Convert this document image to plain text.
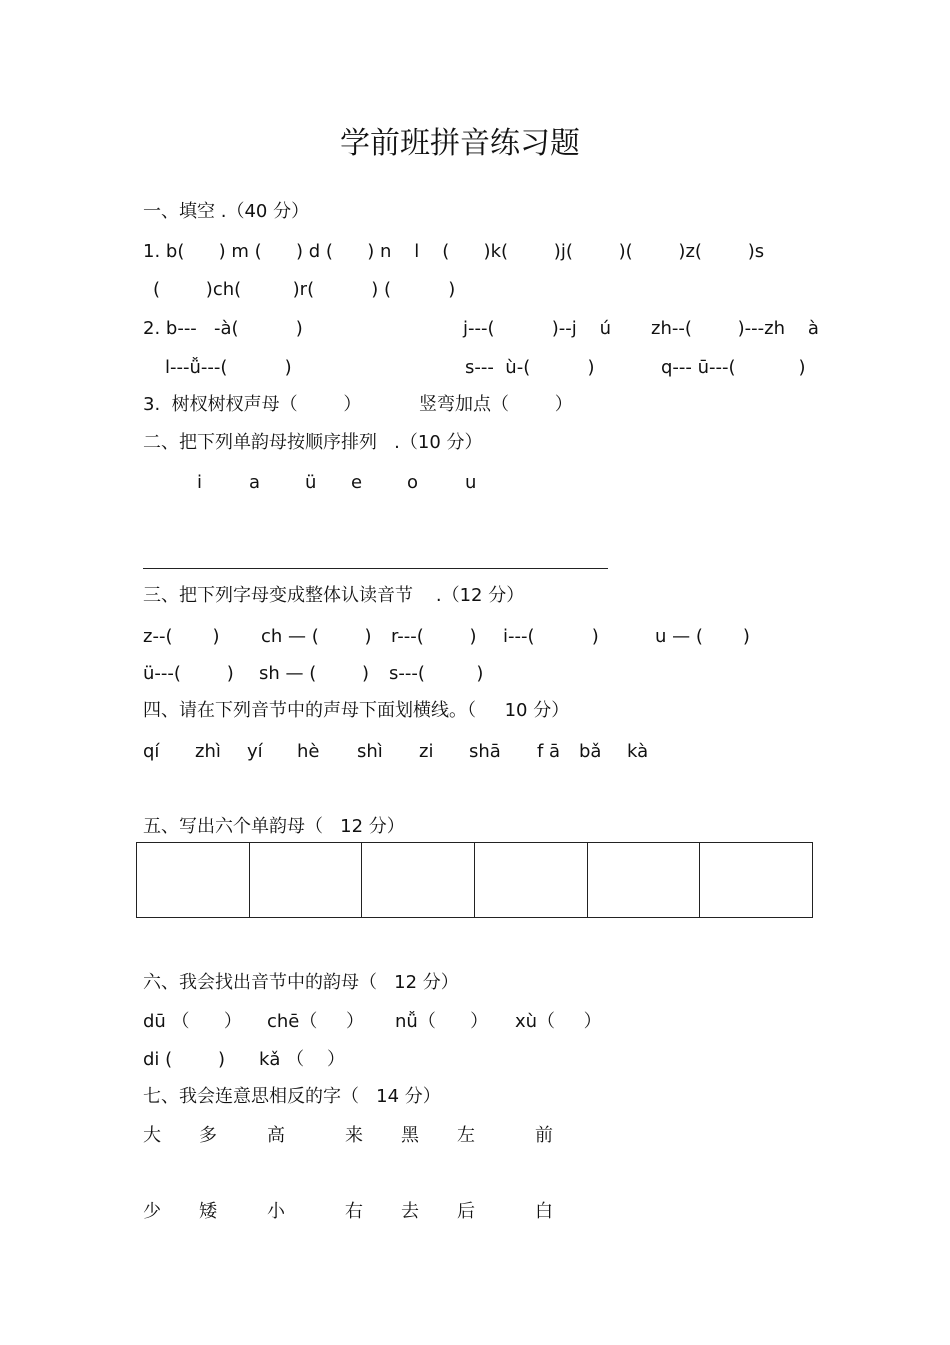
学前班拼音练习题
一、填空 .（40 分）
1. b(      ) m (      ) d (      ) n    l    (      )k(        )j(        )(        )z(        )s
(        )ch(         )r(          ) (          )
2. b---   -à(          )	j---(          )--j    ú zh--(        )---zh    à
l---ǚ---(          )	s---  ù-(          )	q--- ū---(           )
3.  树杈树杈声母（        ）	竖弯加点（        ）
二、把下列单韵母按顺序排列   .（10 分）
i	a ü e o	u
三、把下列字母变成整体认读音节    .（12 分）
z--(       ) ch — (        ) r---(        ) i---(          )	u — (       )
ü---(        ) sh — (        ) s---(         )
四、请在下列音节中的声母下面划横线。（     10 分）
qí zhì yí hè shì zi shā f ā bǎ kà
五、写出六个单韵母（   12 分）
六、我会找出音节中的韵母（   12 分）
dū （      ） chē（     ） nǚ（      ） xù（     ）
di (        ) kǎ （    ）
七、我会连意思相反的字（   14 分）
大 多	高	来 黑 左	前
少 矮	小	右 去 后	白
